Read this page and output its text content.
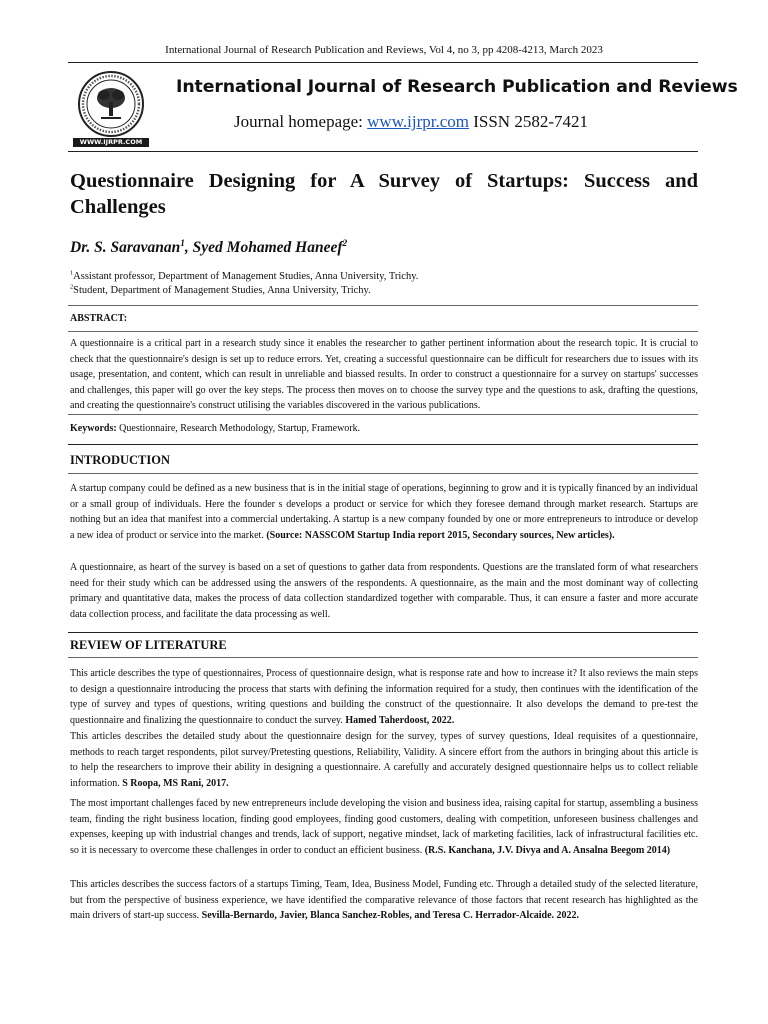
International Journal of Research Publication and Reviews, Vol 4, no 3, pp 4208-4213, March 2023
WWW.IJRPR.COM
International Journal of Research Publication and Reviews
Journal homepage: www.ijrpr.com ISSN 2582-7421
Questionnaire Designing for A Survey of Startups: Success and Challenges
Dr. S. Saravanan$^1$, Syed Mohamed Haneef$^2$
$^1$Assistant professor, Department of Management Studies, Anna University, Trichy.
$^2$Student, Department of Management Studies, Anna University, Trichy.
ABSTRACT:
A questionnaire is a critical part in a research study since it enables the researcher to gather pertinent information about the research topic. It is crucial to check that the questionnaire's design is set up to reduce errors. Yet, creating a successful questionnaire can be difficult for researchers due to issues with its usage, presentation, and content, which can result in unreliable and biassed results. In order to construct a questionnaire for a survey on startups' successes and challenges, this paper will go over the key steps. The process then moves on to choose the survey type and the questions to ask, drafting the questions, and creating the questionnaire's construct utilising the variables discovered in the various publications.
Keywords: Questionnaire, Research Methodology, Startup, Framework.
INTRODUCTION
A startup company could be defined as a new business that is in the initial stage of operations, beginning to grow and it is typically financed by an individual or a small group of individuals. Here the founder s develops a product or service for which they foresee demand through market research. Startups are nothing but an idea that manifest into a commercial undertaking. A startup is a new company founded by one or more entrepreneurs to introduce or develop a new idea of product or service into the market. (Source: NASSCOM Startup India report 2015, Secondary sources, New articles).
A questionnaire, as heart of the survey is based on a set of questions to gather data from respondents. Questions are the translated form of what researchers need for their study which can be addressed using the answers of the respondents. A questionnaire, as the main and the most dominant way of collecting primary and quantitative data, makes the process of data collection standardized together with comparable. Thus, it can ensure a faster and more accurate data collection process, and facilitate the data processing as well.
REVIEW OF LITERATURE
This article describes the type of questionnaires, Process of questionnaire design, what is response rate and how to increase it? It also reviews the main steps to design a questionnaire introducing the process that starts with defining the information required for a study, then continues with the identification of the type of survey and types of questions, writing questions and building the construct of the questionnaire. It also develops the demand to pre-test the questionnaire and finalizing the questionnaire to conduct the survey. Hamed Taherdoost, 2022.
This articles describes the detailed study about the questionnaire design for the survey, types of survey questions, Ideal requisites of a questionnaire, methods to reach target respondents, pilot survey/Pretesting questions, Reliability, Validity. A sincere effort from the authors in bringing about this article is to help the researchers to improve their ability in designing a questionnaire. A carefully and accurately designed questionnaire helps us to collect reliable information. S Roopa, MS Rani, 2017.
The most important challenges faced by new entrepreneurs include developing the vision and business idea, raising capital for startup, assembling a business team, finding the right business location, finding good employees, finding good customers, dealing with competition, unforeseen business challenges and expenses, keeping up with industrial changes and trends, lack of support, negative mindset, lack of marketing facilities, lack of infrastructural facilities etc. so it is necessary to overcome these challenges in order to conduct an efficient business. (R.S. Kanchana, J.V. Divya and A. Ansalna Beegom 2014)
This articles describes the success factors of a startups Timing, Team, Idea, Business Model, Funding etc. Through a detailed study of the selected literature, but from the perspective of business experience, we have identified the comparative relevance of those factors that recent research has highlighted as the main drivers of start-up success. Sevilla-Bernardo, Javier, Blanca Sanchez-Robles, and Teresa C. Herrador-Alcaide. 2022.
